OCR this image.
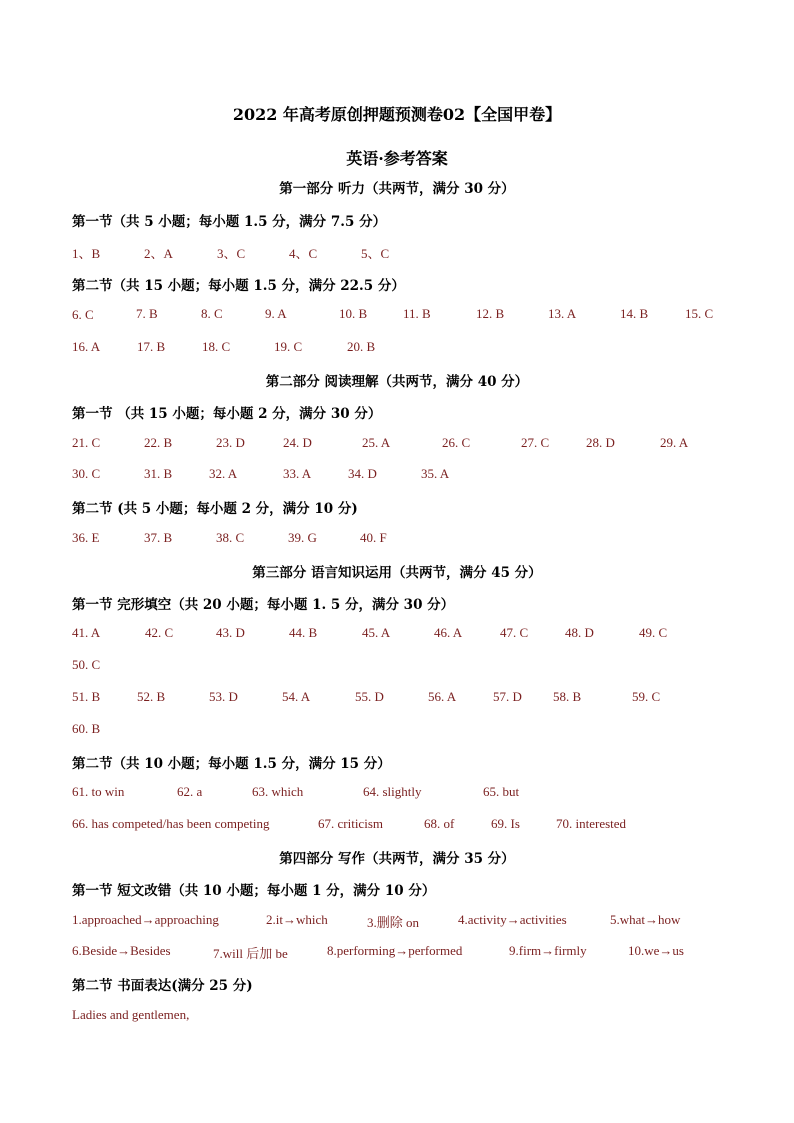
2022 年高考原创押题预测卷02【全国甲卷】
英语·参考答案
第一部分 听力（共两节，满分 30 分）
第一节（共 5 小题；每小题 1.5 分，满分 7.5 分）
1、B	2、A	3、C	4、C	5、C
第二节（共 15 小题；每小题 1.5 分，满分 22.5 分）
6. C	7. B	8. C	9. A	10. B	11. B	12. B	13. A	14. B	15. C
16. A	17. B	18. C	19. C	20. B
第二部分 阅读理解（共两节，满分 40 分）
第一节 （共 15 小题；每小题 2 分，满分 30 分）
21. C	22. B	23. D	24. D	25. A	26. C	27. C	28. D	29. A
30. C	31. B	32. A	33. A	34. D	35. A
第二节 (共 5 小题；每小题 2 分，满分 10 分)
36. E	37. B	38. C	39. G	40. F
第三部分 语言知识运用（共两节，满分 45 分）
第一节 完形填空（共 20 小题；每小题 1. 5 分，满分 30 分）
41. A	42. C	43. D	44. B	45. A	46. A	47. C	48. D	49. C
50. C
51. B	52. B	53. D	54. A	55. D	56. A	57. D 58. B	59. C
60. B
第二节（共 10 小题；每小题 1.5 分，满分 15 分）
61. to win	62. a	63. which	64. slightly	65. but
66. has competed/has been competing	67. criticism	68. of	69. Is	70. interested
第四部分 写作（共两节，满分 35 分）
第一节 短文改错（共 10 小题；每小题 1 分，满分 10 分）
1.approached→approaching	2.it→which	3.删除 on	4.activity→activities	5.what→how
6.Beside→Besides	7.will 后加 be	8.performing→performed	9.firm→firmly	10.we→us
第二节 书面表达(满分 25 分)
Ladies and gentlemen,
